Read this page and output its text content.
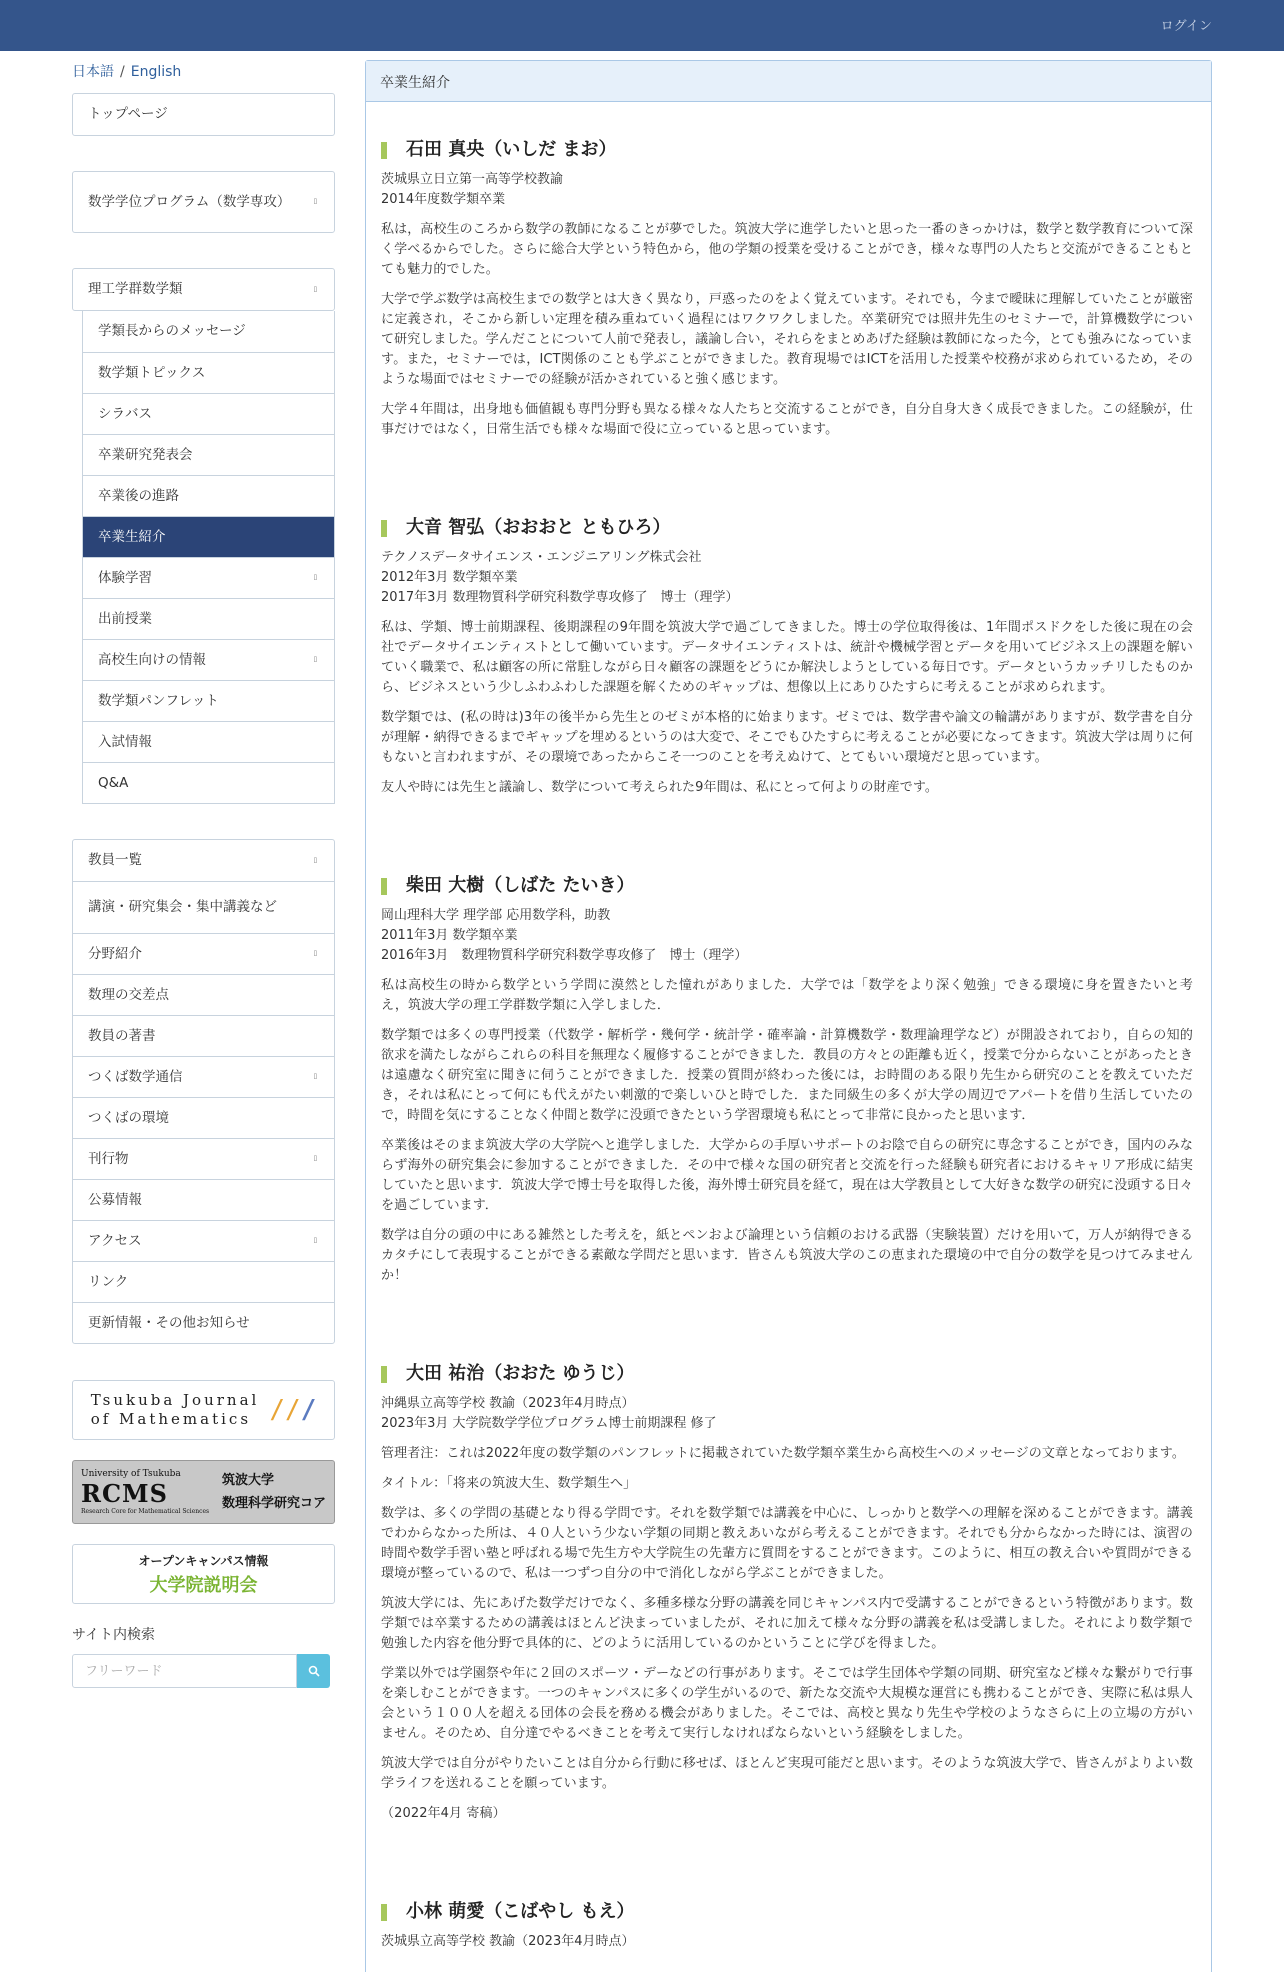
ログイン
日本語 / English
トップページ
数学学位プログラム（数学専攻） ▯
理工学群数学類	▯
学類長からのメッセージ
数学類トピックス
シラバス
卒業研究発表会
卒業後の進路
卒業生紹介
体験学習	▯
出前授業
高校生向けの情報	▯
数学類パンフレット
入試情報
Q&A
教員一覧	▯
講演・研究集会・集中講義など
分野紹介	▯
数理の交差点
教員の著書
つくば数学通信	▯
つくばの環境
刊行物	▯
公募情報
アクセス	▯
リンク
更新情報・その他お知らせ
Tsukuba Journal
of Mathematics ///
University of Tsukuba
RCMS
Research Core for Mathematical Sciences
筑波大学
数理科学研究コア
オープンキャンパス情報
大学院説明会
サイト内検索
フリーワード
卒業生紹介
石田 真央（いしだ まお）
茨城県立日立第一高等学校教諭
2014年度数学類卒業

私は，高校生のころから数学の教師になることが夢でした。筑波大学に進学したいと思った一番のきっかけは，数学と数学教育について深く学べるからでした。さらに総合大学という特色から，他の学類の授業を受けることができ，様々な専門の人たちと交流ができることもとても魅力的でした。

大学で学ぶ数学は高校生までの数学とは大きく異なり，戸惑ったのをよく覚えています。それでも，今まで曖昧に理解していたことが厳密に定義され，そこから新しい定理を積み重ねていく過程にはワクワクしました。卒業研究では照井先生のセミナーで，計算機数学について研究しました。学んだことについて人前で発表し，議論し合い，それらをまとめあげた経験は教師になった今，とても強みになっています。また，セミナーでは，ICT関係のことも学ぶことができました。教育現場ではICTを活用した授業や校務が求められているため，そのような場面ではセミナーでの経験が活かされていると強く感じます。

大学４年間は，出身地も価値観も専門分野も異なる様々な人たちと交流することができ，自分自身大きく成長できました。この経験が，仕事だけではなく，日常生活でも様々な場面で役に立っていると思っています。

大音 智弘（おおおと ともひろ）
テクノスデータサイエンス・エンジニアリング株式会社
2012年3月 数学類卒業
2017年3月 数理物質科学研究科数学専攻修了　博士（理学）

私は、学類、博士前期課程、後期課程の9年間を筑波大学で過ごしてきました。博士の学位取得後は、1年間ポスドクをした後に現在の会社でデータサイエンティストとして働いています。データサイエンティストは、統計や機械学習とデータを用いてビジネス上の課題を解いていく職業で、私は顧客の所に常駐しながら日々顧客の課題をどうにか解決しようとしている毎日です。データというカッチリしたものから、ビジネスという少しふわふわした課題を解くためのギャップは、想像以上にありひたすらに考えることが求められます。

数学類では、(私の時は)3年の後半から先生とのゼミが本格的に始まります。ゼミでは、数学書や論文の輪講がありますが、数学書を自分が理解・納得できるまでギャップを埋めるというのは大変で、そこでもひたすらに考えることが必要になってきます。筑波大学は周りに何もないと言われますが、その環境であったからこそ一つのことを考えぬけて、とてもいい環境だと思っています。

友人や時には先生と議論し、数学について考えられた9年間は、私にとって何よりの財産です。

柴田 大樹（しばた たいき）
岡山理科大学 理学部 応用数学科，助教
2011年3月 数学類卒業
2016年3月　数理物質科学研究科数学専攻修了　博士（理学）

私は高校生の時から数学という学問に漠然とした憧れがありました．大学では「数学をより深く勉強」できる環境に身を置きたいと考え，筑波大学の理工学群数学類に入学しました．

数学類では多くの専門授業（代数学・解析学・幾何学・統計学・確率論・計算機数学・数理論理学など）が開設されており，自らの知的欲求を満たしながらこれらの科目を無理なく履修することができました．教員の方々との距離も近く，授業で分からないことがあったときは遠慮なく研究室に聞きに伺うことができました．授業の質問が終わった後には，お時間のある限り先生から研究のことを教えていただき，それは私にとって何にも代えがたい刺激的で楽しいひと時でした．また同級生の多くが大学の周辺でアパートを借り生活していたので，時間を気にすることなく仲間と数学に没頭できたという学習環境も私にとって非常に良かったと思います．

卒業後はそのまま筑波大学の大学院へと進学しました．大学からの手厚いサポートのお陰で自らの研究に専念することができ，国内のみならず海外の研究集会に参加することができました．その中で様々な国の研究者と交流を行った経験も研究者におけるキャリア形成に結実していたと思います．筑波大学で博士号を取得した後，海外博士研究員を経て，現在は大学教員として大好きな数学の研究に没頭する日々を過ごしています．

数学は自分の頭の中にある雑然とした考えを，紙とペンおよび論理という信頼のおける武器（実験装置）だけを用いて，万人が納得できるカタチにして表現することができる素敵な学問だと思います．皆さんも筑波大学のこの恵まれた環境の中で自分の数学を見つけてみませんか！

大田 祐治（おおた ゆうじ）
沖縄県立高等学校 教諭（2023年4月時点）
2023年3月 大学院数学学位プログラム博士前期課程 修了

管理者注：これは2022年度の数学類のパンフレットに掲載されていた数学類卒業生から高校生へのメッセージの文章となっております。

タイトル：「将来の筑波大生、数学類生へ」

数学は、多くの学問の基礎となり得る学問です。それを数学類では講義を中心に、しっかりと数学への理解を深めることができます。講義でわからなかった所は、４０人という少ない学類の同期と教えあいながら考えることができます。それでも分からなかった時には、演習の時間や数学手習い塾と呼ばれる場で先生方や大学院生の先輩方に質問をすることができます。このように、相互の教え合いや質問ができる環境が整っているので、私は一つずつ自分の中で消化しながら学ぶことができました。

筑波大学には、先にあげた数学だけでなく、多種多様な分野の講義を同じキャンパス内で受講することができるという特徴があります。数学類では卒業するための講義はほとんど決まっていましたが、それに加えて様々な分野の講義を私は受講しました。それにより数学類で勉強した内容を他分野で具体的に、どのように活用しているのかということに学びを得ました。

学業以外では学園祭や年に２回のスポーツ・デーなどの行事があります。そこでは学生団体や学類の同期、研究室など様々な繋がりで行事を楽しむことができます。一つのキャンパスに多くの学生がいるので、新たな交流や大規模な運営にも携わることができ、実際に私は県人会という１００人を超える団体の会長を務める機会がありました。そこでは、高校と異なり先生や学校のようなさらに上の立場の方がいません。そのため、自分達でやるべきことを考えて実行しなければならないという経験をしました。

筑波大学では自分がやりたいことは自分から行動に移せば、ほとんど実現可能だと思います。そのような筑波大学で、皆さんがよりよい数学ライフを送れることを願っています。

（2022年4月 寄稿）

小林 萌愛（こばやし もえ）
茨城県立高等学校 教諭（2023年4月時点）
